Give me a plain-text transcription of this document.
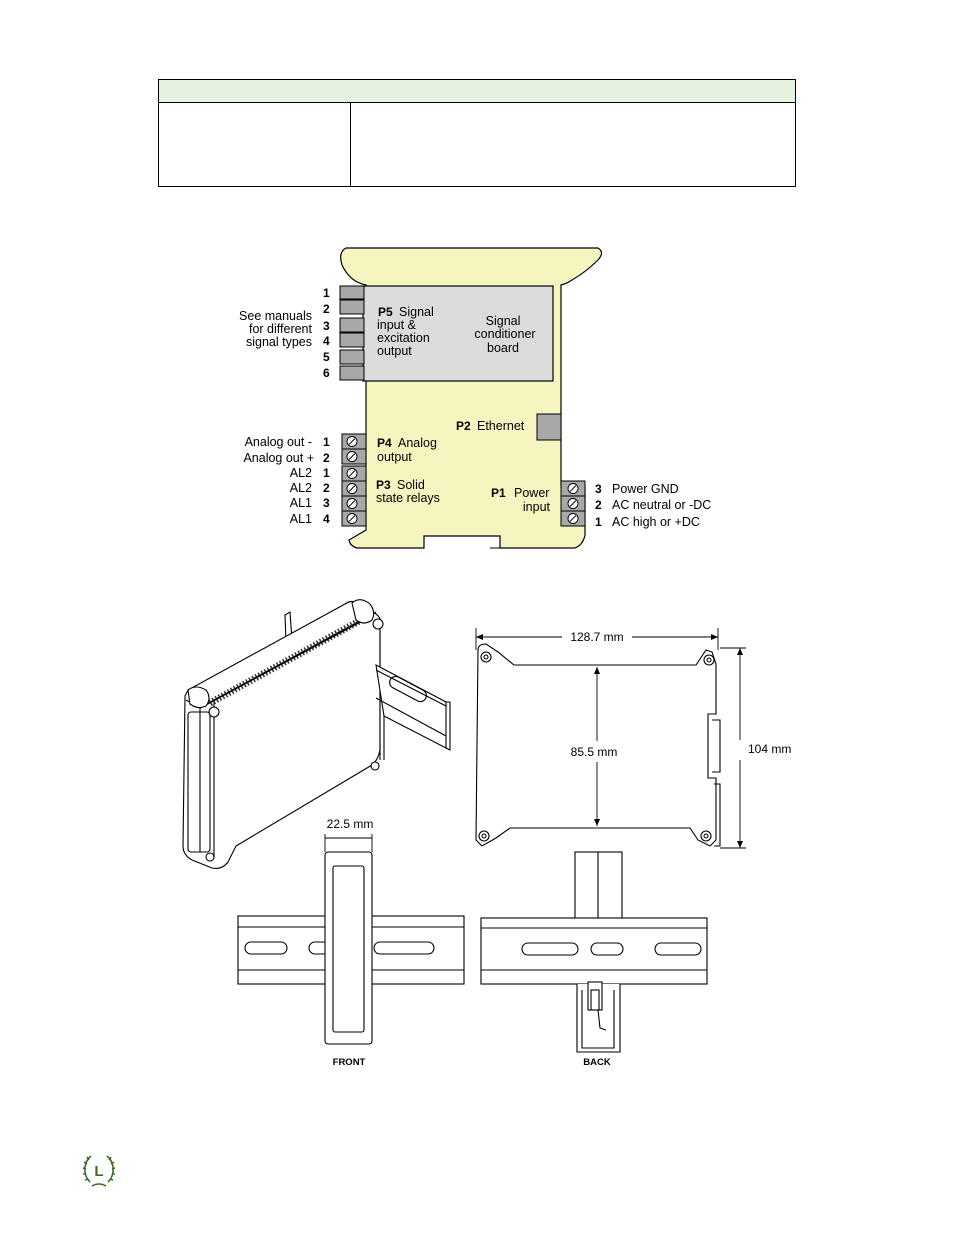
1
2
3
4
5
6
See manuals
for different
signal types
P5 Signal
input &
excitation
output
Signal
conditioner
board
P2 Ethernet
Analog out - 1
Analog out + 2
P4 Analog
output
AL2 1
AL2 2
AL1 3
AL1 4
P3 Solid
state relays	P1 Power
input
3 Power GND
2 AC neutral or -DC
1 AC high or +DC
128.7 mm
85.5 mm	104 mm
22.5 mm
FRONT	BACK
L
